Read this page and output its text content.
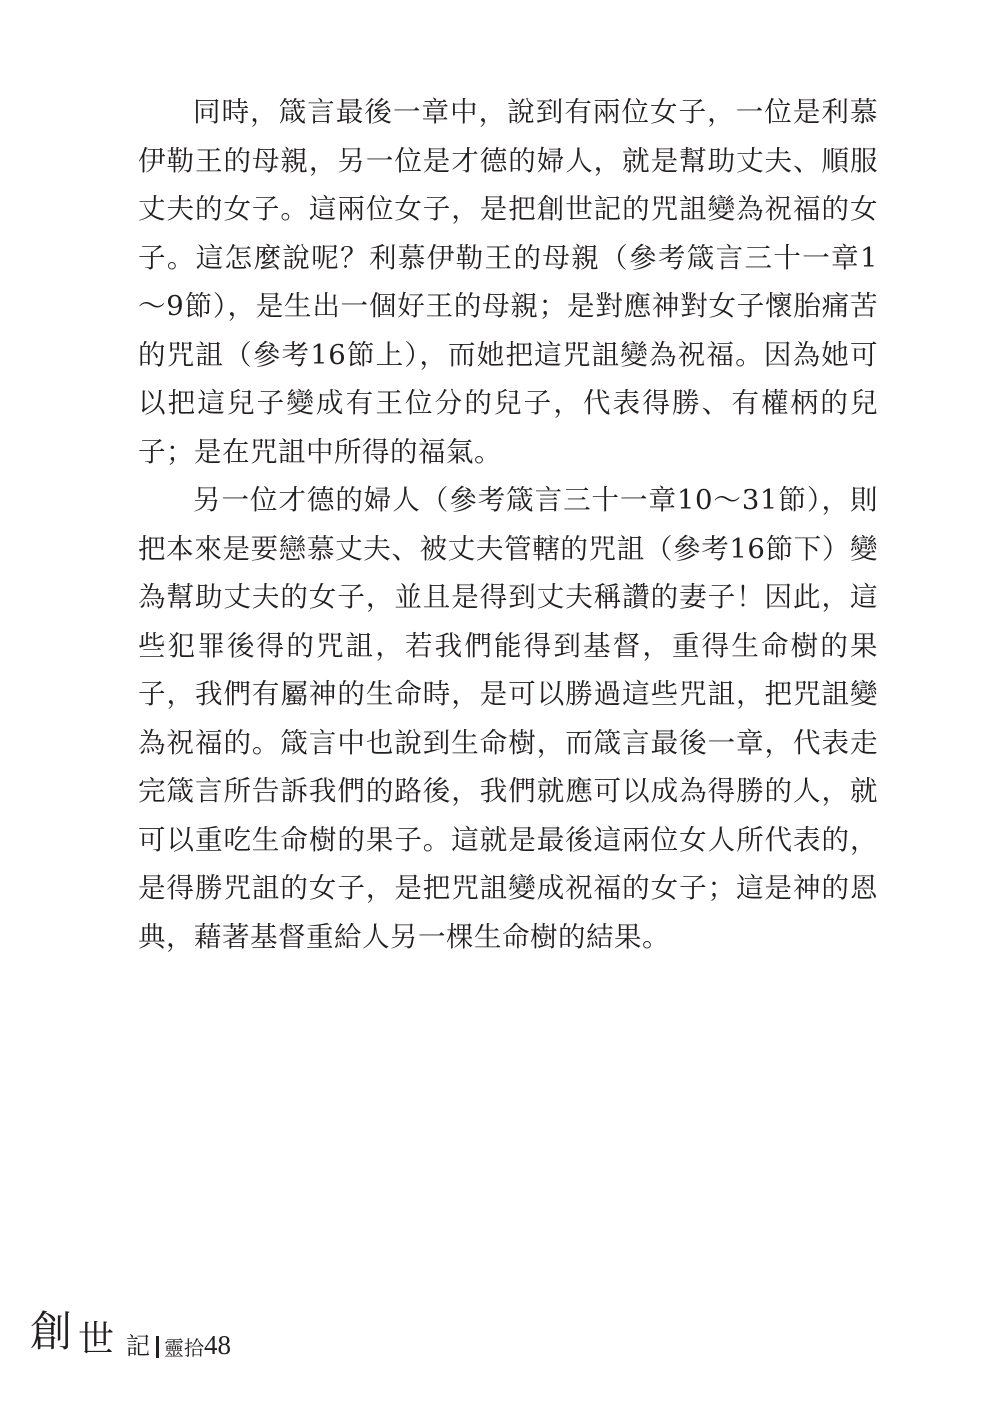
同時，箴言最後一章中，說到有兩位女子，一位是利慕伊勒王的母親，另一位是才德的婦人，就是幫助丈夫、順服丈夫的女子。這兩位女子，是把創世記的咒詛變為祝福的女子。這怎麼說呢？利慕伊勒王的母親（參考箴言三十一章1～9節），是生出一個好王的母親；是對應神對女子懷胎痛苦的咒詛（參考16節上），而她把這咒詛變為祝福。因為她可以把這兒子變成有王位分的兒子，代表得勝、有權柄的兒子；是在咒詛中所得的福氣。

另一位才德的婦人（參考箴言三十一章10～31節），則把本來是要戀慕丈夫、被丈夫管轄的咒詛（參考16節下）變為幫助丈夫的女子，並且是得到丈夫稱讚的妻子！因此，這些犯罪後得的咒詛，若我們能得到基督，重得生命樹的果子，我們有屬神的生命時，是可以勝過這些咒詛，把咒詛變為祝福的。箴言中也說到生命樹，而箴言最後一章，代表走完箴言所告訴我們的路後，我們就應可以成為得勝的人，就可以重吃生命樹的果子。這就是最後這兩位女人所代表的，是得勝咒詛的女子，是把咒詛變成祝福的女子；這是神的恩典，藉著基督重給人另一棵生命樹的結果。

創 世 記 靈拾 48
